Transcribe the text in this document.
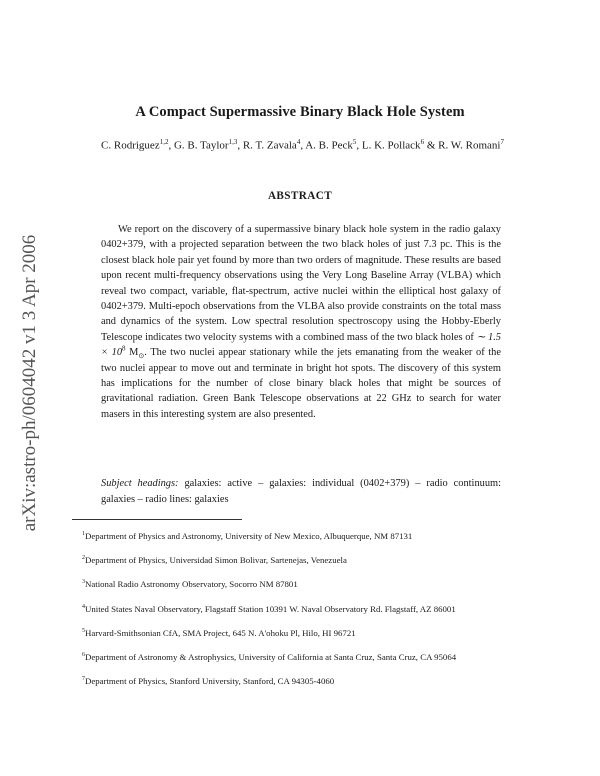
arXiv:astro-ph/0604042 v1 3 Apr 2006
A Compact Supermassive Binary Black Hole System
C. Rodriguez$^{1,2}$, G. B. Taylor$^{1,3}$, R. T. Zavala$^4$, A. B. Peck$^5$, L. K. Pollack$^6$ & R. W. Romani$^7$
ABSTRACT

We report on the discovery of a supermassive binary black hole system in the radio galaxy 0402+379, with a projected separation between the two black holes of just 7.3 pc. This is the closest black hole pair yet found by more than two orders of magnitude. These results are based upon recent multi-frequency observations using the Very Long Baseline Array (VLBA) which reveal two compact, variable, flat-spectrum, active nuclei within the elliptical host galaxy of 0402+379. Multi-epoch observations from the VLBA also provide constraints on the total mass and dynamics of the system. Low spectral resolution spectroscopy using the Hobby-Eberly Telescope indicates two velocity systems with a combined mass of the two black holes of ∼ $1.5 \times 10^8$ $M_⊙$. The two nuclei appear stationary while the jets emanating from the weaker of the two nuclei appear to move out and terminate in bright hot spots. The discovery of this system has implications for the number of close binary black holes that might be sources of gravitational radiation. Green Bank Telescope observations at 22 GHz to search for water masers in this interesting system are also presented.

Subject headings: galaxies: active – galaxies: individual (0402+379) – radio continuum: galaxies – radio lines: galaxies

$^1$Department of Physics and Astronomy, University of New Mexico, Albuquerque, NM 87131
$^2$Department of Physics, Universidad Simon Bolivar, Sartenejas, Venezuela
$^3$National Radio Astronomy Observatory, Socorro NM 87801
$^4$United States Naval Observatory, Flagstaff Station 10391 W. Naval Observatory Rd. Flagstaff, AZ 86001
$^5$Harvard-Smithsonian CfA, SMA Project, 645 N. A'ohoku Pl, Hilo, HI 96721
$^6$Department of Astronomy & Astrophysics, University of California at Santa Cruz, Santa Cruz, CA 95064
$^7$Department of Physics, Stanford University, Stanford, CA 94305-4060
